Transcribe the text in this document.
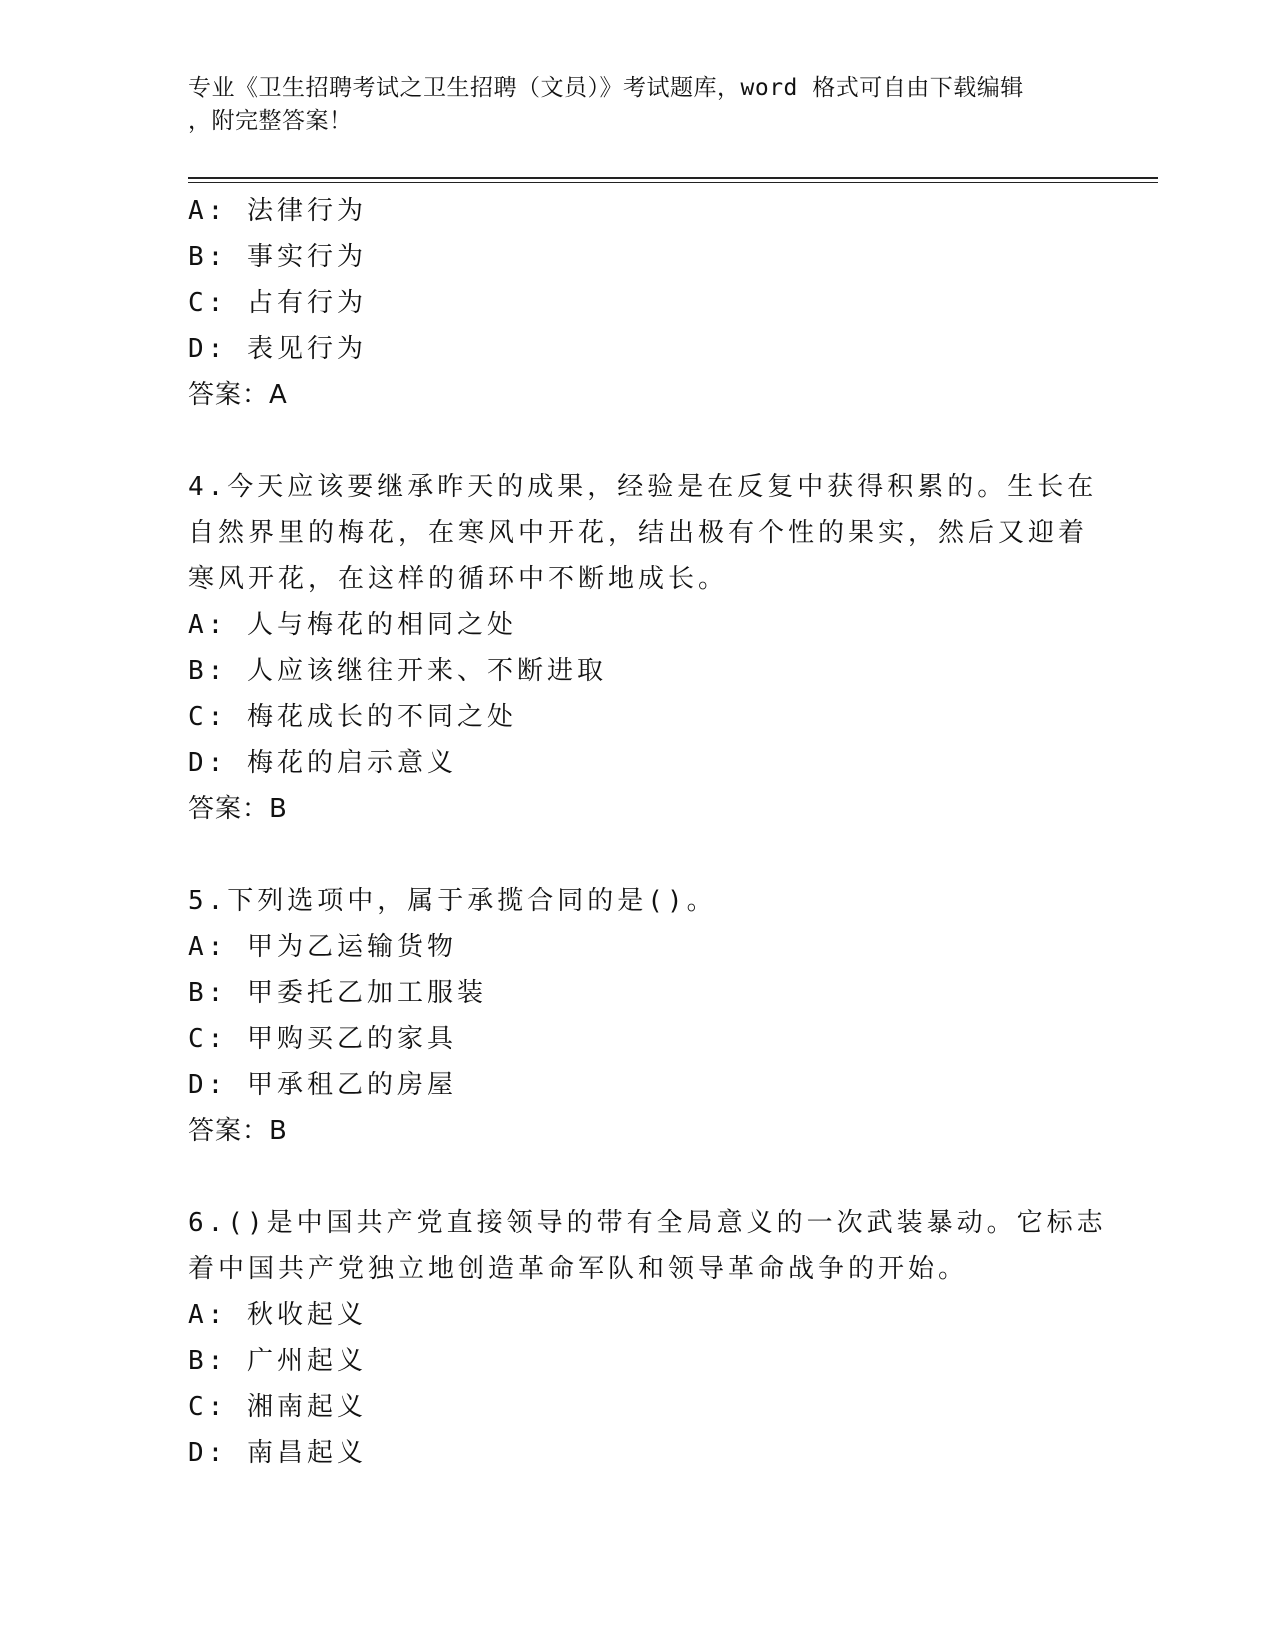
专业《卫生招聘考试之卫生招聘（文员）》考试题库，word 格式可自由下载编辑
，附完整答案！
A: 法律行为
B: 事实行为
C: 占有行为
D: 表见行为
答案：A
4.今天应该要继承昨天的成果，经验是在反复中获得积累的。生长在
自然界里的梅花，在寒风中开花，结出极有个性的果实，然后又迎着
寒风开花，在这样的循环中不断地成长。
A: 人与梅花的相同之处
B: 人应该继往开来、不断进取
C: 梅花成长的不同之处
D: 梅花的启示意义
答案：B
5.下列选项中，属于承揽合同的是()。
A: 甲为乙运输货物
B: 甲委托乙加工服装
C: 甲购买乙的家具
D: 甲承租乙的房屋
答案：B
6.()是中国共产党直接领导的带有全局意义的一次武装暴动。它标志
着中国共产党独立地创造革命军队和领导革命战争的开始。
A: 秋收起义
B: 广州起义
C: 湘南起义
D: 南昌起义
